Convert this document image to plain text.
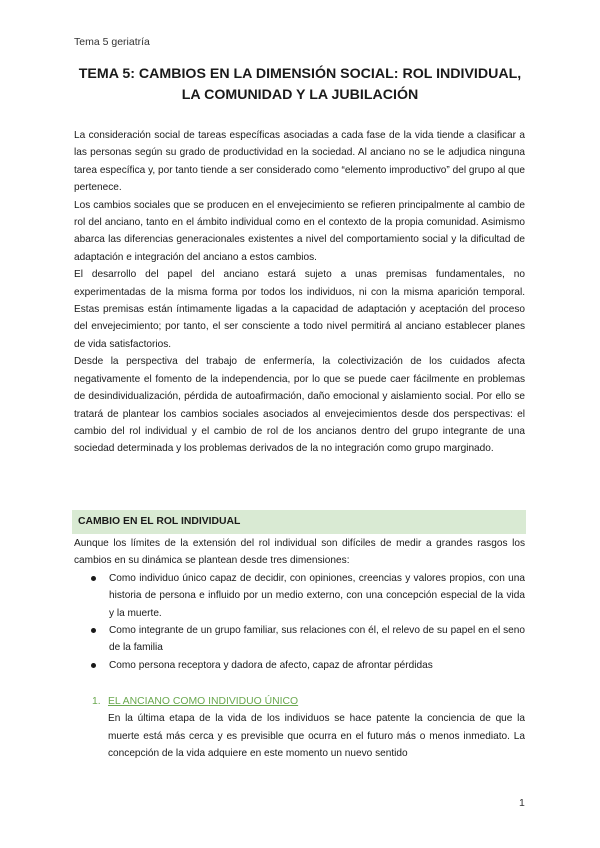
Tema 5 geriatría
TEMA 5: CAMBIOS EN LA DIMENSIÓN SOCIAL: ROL INDIVIDUAL,
LA COMUNIDAD Y LA JUBILACIÓN

La consideración social de tareas específicas asociadas a cada fase de la vida tiende a clasificar a las personas según su grado de productividad en la sociedad. Al anciano no se le adjudica ninguna tarea específica y, por tanto tiende a ser considerado como “elemento improductivo” del grupo al que pertenece.

Los cambios sociales que se producen en el envejecimiento se refieren principalmente al cambio de rol del anciano, tanto en el ámbito individual como en el contexto de la propia comunidad. Asimismo abarca las diferencias generacionales existentes a nivel del comportamiento social y la dificultad de adaptación e integración del anciano a estos cambios.

El desarrollo del papel del anciano estará sujeto a unas premisas fundamentales, no experimentadas de la misma forma por todos los individuos, ni con la misma aparición temporal. Estas premisas están íntimamente ligadas a la capacidad de adaptación y aceptación del proceso del envejecimiento; por tanto, el ser consciente a todo nivel permitirá al anciano establecer planes de vida satisfactorios.

Desde la perspectiva del trabajo de enfermería, la colectivización de los cuidados afecta negativamente el fomento de la independencia, por lo que se puede caer fácilmente en problemas de desindividualización, pérdida de autoafirmación, daño emocional y aislamiento social. Por ello se tratará de plantear los cambios sociales asociados al envejecimientos desde dos perspectivas: el cambio del rol individual y el cambio de rol de los ancianos dentro del grupo integrante de una sociedad determinada y los problemas derivados de la no integración como grupo marginado.

CAMBIO EN EL ROL INDIVIDUAL

Aunque los límites de la extensión del rol individual son difíciles de medir a grandes rasgos los cambios en su dinámica se plantean desde tres dimensiones:

Como individuo único capaz de decidir, con opiniones, creencias y valores propios, con una historia de persona e influido por un medio externo, con una concepción especial de la vida y la muerte.
Como integrante de un grupo familiar, sus relaciones con él, el relevo de su papel en el seno de la familia
Como persona receptora y dadora de afecto, capaz de afrontar pérdidas
1. EL ANCIANO COMO INDIVIDUO ÚNICO
En la última etapa de la vida de los individuos se hace patente la conciencia de que la muerte está más cerca y es previsible que ocurra en el futuro más o menos inmediato. La concepción de la vida adquiere en este momento un nuevo sentido
1
